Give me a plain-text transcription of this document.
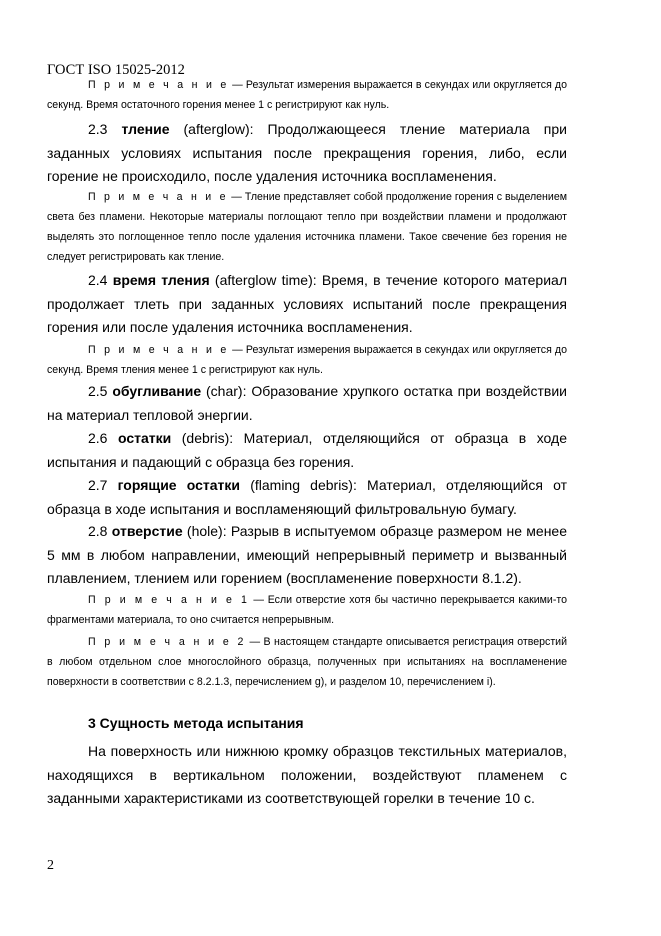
ГОСТ ISO 15025-2012

П р и м е ч а н и е — Результат измерения выражается в секундах или округляется до секунд. Время остаточного горения менее 1 с регистрируют как нуль.

2.3 тление (afterglow): Продолжающееся тление материала при заданных условиях испытания после прекращения горения, либо, если горение не происходило, после удаления источника воспламенения.

П р и м е ч а н и е — Тление представляет собой продолжение горения с выделением света без пламени. Некоторые материалы поглощают тепло при воздействии пламени и продолжают выделять это поглощенное тепло после удаления источника пламени. Такое свечение без горения не следует регистрировать как тление.

2.4 время тления (afterglow time): Время, в течение которого материал продолжает тлеть при заданных условиях испытаний после прекращения горения или после удаления источника воспламенения.

П р и м е ч а н и е — Результат измерения выражается в секундах или округляется до секунд. Время тления менее 1 с регистрируют как нуль.

2.5 обугливание (char): Образование хрупкого остатка при воздействии на материал тепловой энергии.

2.6 остатки (debris): Материал, отделяющийся от образца в ходе испытания и падающий с образца без горения.

2.7 горящие остатки (flaming debris): Материал, отделяющийся от образца в ходе испытания и воспламеняющий фильтровальную бумагу.

2.8 отверстие (hole): Разрыв в испытуемом образце размером не менее 5 мм в любом направлении, имеющий непрерывный периметр и вызванный плавлением, тлением или горением (воспламенение поверхности 8.1.2).

П р и м е ч а н и е 1 — Если отверстие хотя бы частично перекрывается какими-то фрагментами материала, то оно считается непрерывным.

П р и м е ч а н и е 2 — В настоящем стандарте описывается регистрация отверстий в любом отдельном слое многослойного образца, полученных при испытаниях на воспламенение поверхности в соответствии с 8.2.1.3, перечислением g), и разделом 10, перечислением i).

3 Сущность метода испытания

На поверхность или нижнюю кромку образцов текстильных материалов, находящихся в вертикальном положении, воздействуют пламенем с заданными характеристиками из соответствующей горелки в течение 10 с.

2
